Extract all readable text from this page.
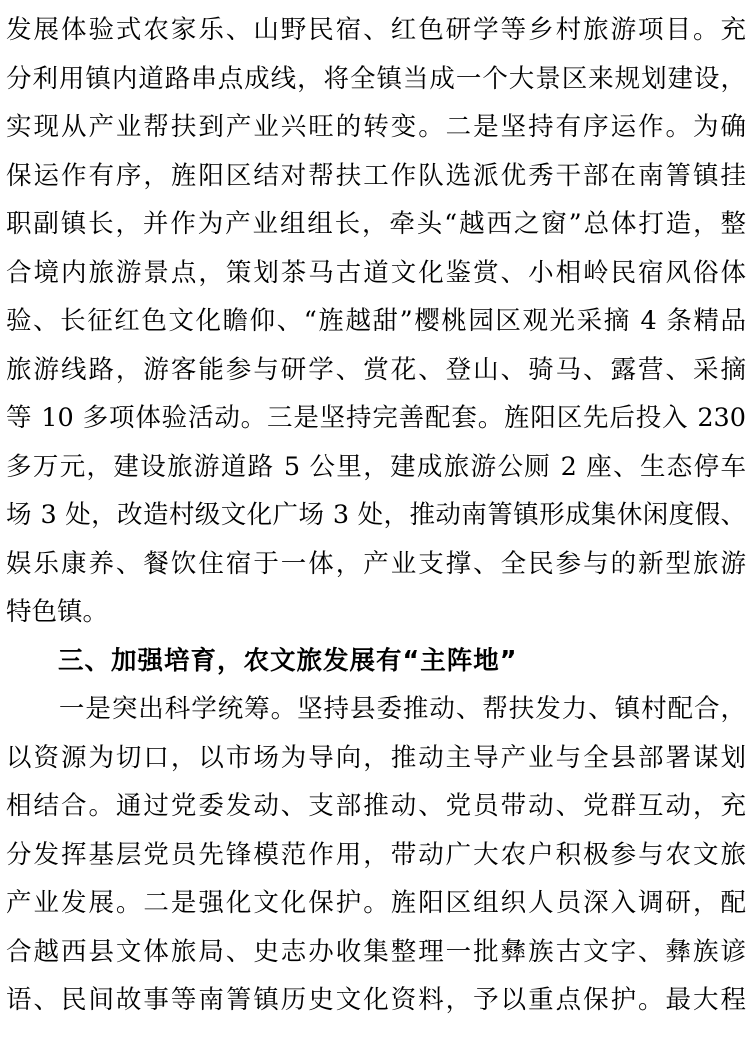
发展体验式农家乐、山野民宿、红色研学等乡村旅游项目。充
分利用镇内道路串点成线，将全镇当成一个大景区来规划建设，
实现从产业帮扶到产业兴旺的转变。二是坚持有序运作。为确
保运作有序，旌阳区结对帮扶工作队选派优秀干部在南箐镇挂
职副镇长，并作为产业组组长，牵头“越西之窗”总体打造，整
合境内旅游景点，策划茶马古道文化鉴赏、小相岭民宿风俗体
验、长征红色文化瞻仰、“旌越甜”樱桃园区观光采摘 4 条精品
旅游线路，游客能参与研学、赏花、登山、骑马、露营、采摘
等 10 多项体验活动。三是坚持完善配套。旌阳区先后投入 230
多万元，建设旅游道路 5 公里，建成旅游公厕 2 座、生态停车
场 3 处，改造村级文化广场 3 处，推动南箐镇形成集休闲度假、
娱乐康养、餐饮住宿于一体，产业支撑、全民参与的新型旅游
特色镇。
三、加强培育，农文旅发展有“主阵地”
　　一是突出科学统筹。坚持县委推动、帮扶发力、镇村配合，
以资源为切口，以市场为导向，推动主导产业与全县部署谋划
相结合。通过党委发动、支部推动、党员带动、党群互动，充
分发挥基层党员先锋模范作用，带动广大农户积极参与农文旅
产业发展。二是强化文化保护。旌阳区组织人员深入调研，配
合越西县文体旅局、史志办收集整理一批彝族古文字、彝族谚
语、民间故事等南箐镇历史文化资料，予以重点保护。最大程
